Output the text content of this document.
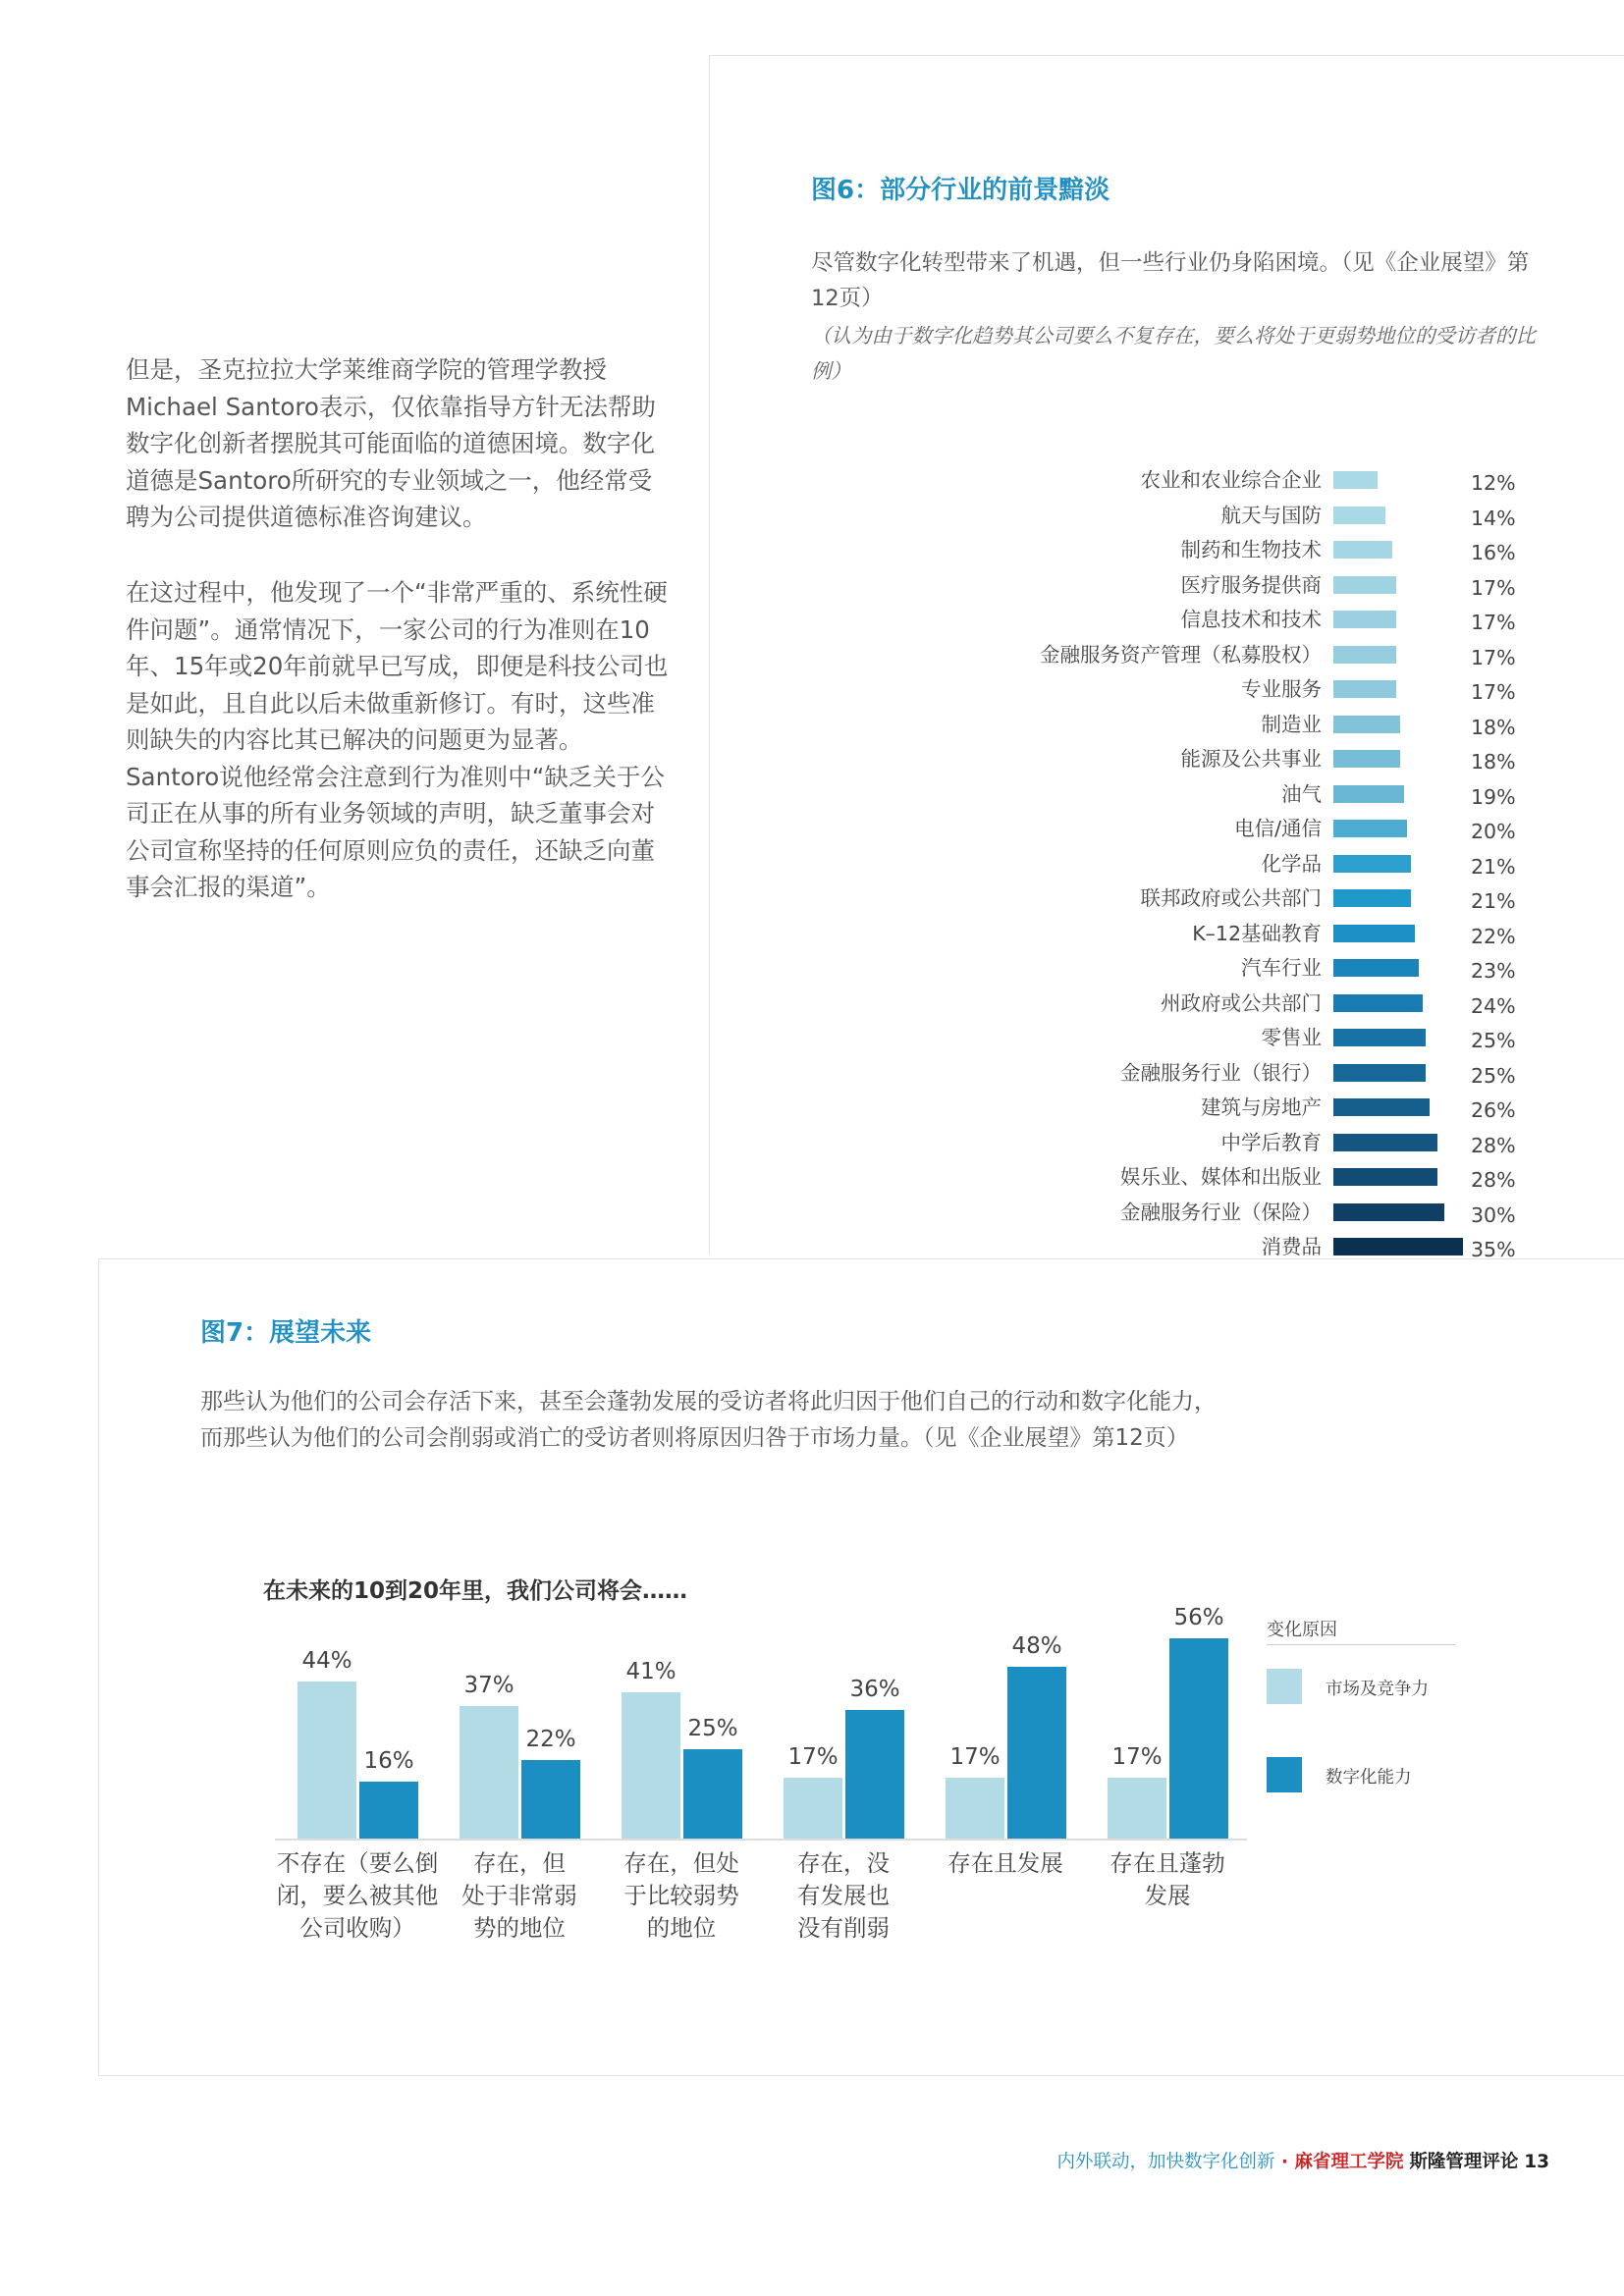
但是，圣克拉拉大学莱维商学院的管理学教授Michael Santoro表示，仅依靠指导方针无法帮助数字化创新者摆脱其可能面临的道德困境。数字化道德是Santoro所研究的专业领域之一，他经常受聘为公司提供道德标准咨询建议。

在这过程中，他发现了一个“非常严重的、系统性硬件问题”。通常情况下，一家公司的行为准则在10年、15年或20年前就早已写成，即便是科技公司也是如此，且自此以后未做重新修订。有时，这些准则缺失的内容比其已解决的问题更为显著。Santoro说他经常会注意到行为准则中“缺乏关于公司正在从事的所有业务领域的声明，缺乏董事会对公司宣称坚持的任何原则应负的责任，还缺乏向董事会汇报的渠道”。

图6：部分行业的前景黯淡

尽管数字化转型带来了机遇，但一些行业仍身陷困境。（见《企业展望》第12页）

（认为由于数字化趋势其公司要么不复存在，要么将处于更弱势地位的受访者的比例）

农业和农业综合企业	12%
航天与国防	14%
制药和生物技术	16%
医疗服务提供商	17%
信息技术和技术	17%
金融服务资产管理（私募股权）	17%
专业服务	17%
制造业	18%
能源及公共事业	18%
油气	19%
电信/通信	20%
化学品	21%
联邦政府或公共部门	21%
K–12基础教育	22%
汽车行业	23%
州政府或公共部门	24%
零售业	25%
金融服务行业（银行）	25%
建筑与房地产	26%
中学后教育	28%
娱乐业、媒体和出版业	28%
金融服务行业（保险）	30%
消费品	35%
图7：展望未来

那些认为他们的公司会存活下来，甚至会蓬勃发展的受访者将此归因于他们自己的行动和数字化能力，

而那些认为他们的公司会削弱或消亡的受访者则将原因归咎于市场力量。（见《企业展望》第12页）

在未来的10到20年里，我们公司将会……

44%
16%
不存在（要么倒
闭，要么被其他
公司收购）
37%
22%
存在，但
处于非常弱
势的地位
41%
25%
存在，但处
于比较弱势
的地位
17%
36%
存在，没
有发展也
没有削弱
17%
48%
存在且发展
17%
56%
存在且蓬勃
发展
变化原因
市场及竞争力
数字化能力
内外联动，加快数字化创新 · 麻省理工学院 斯隆管理评论 13
